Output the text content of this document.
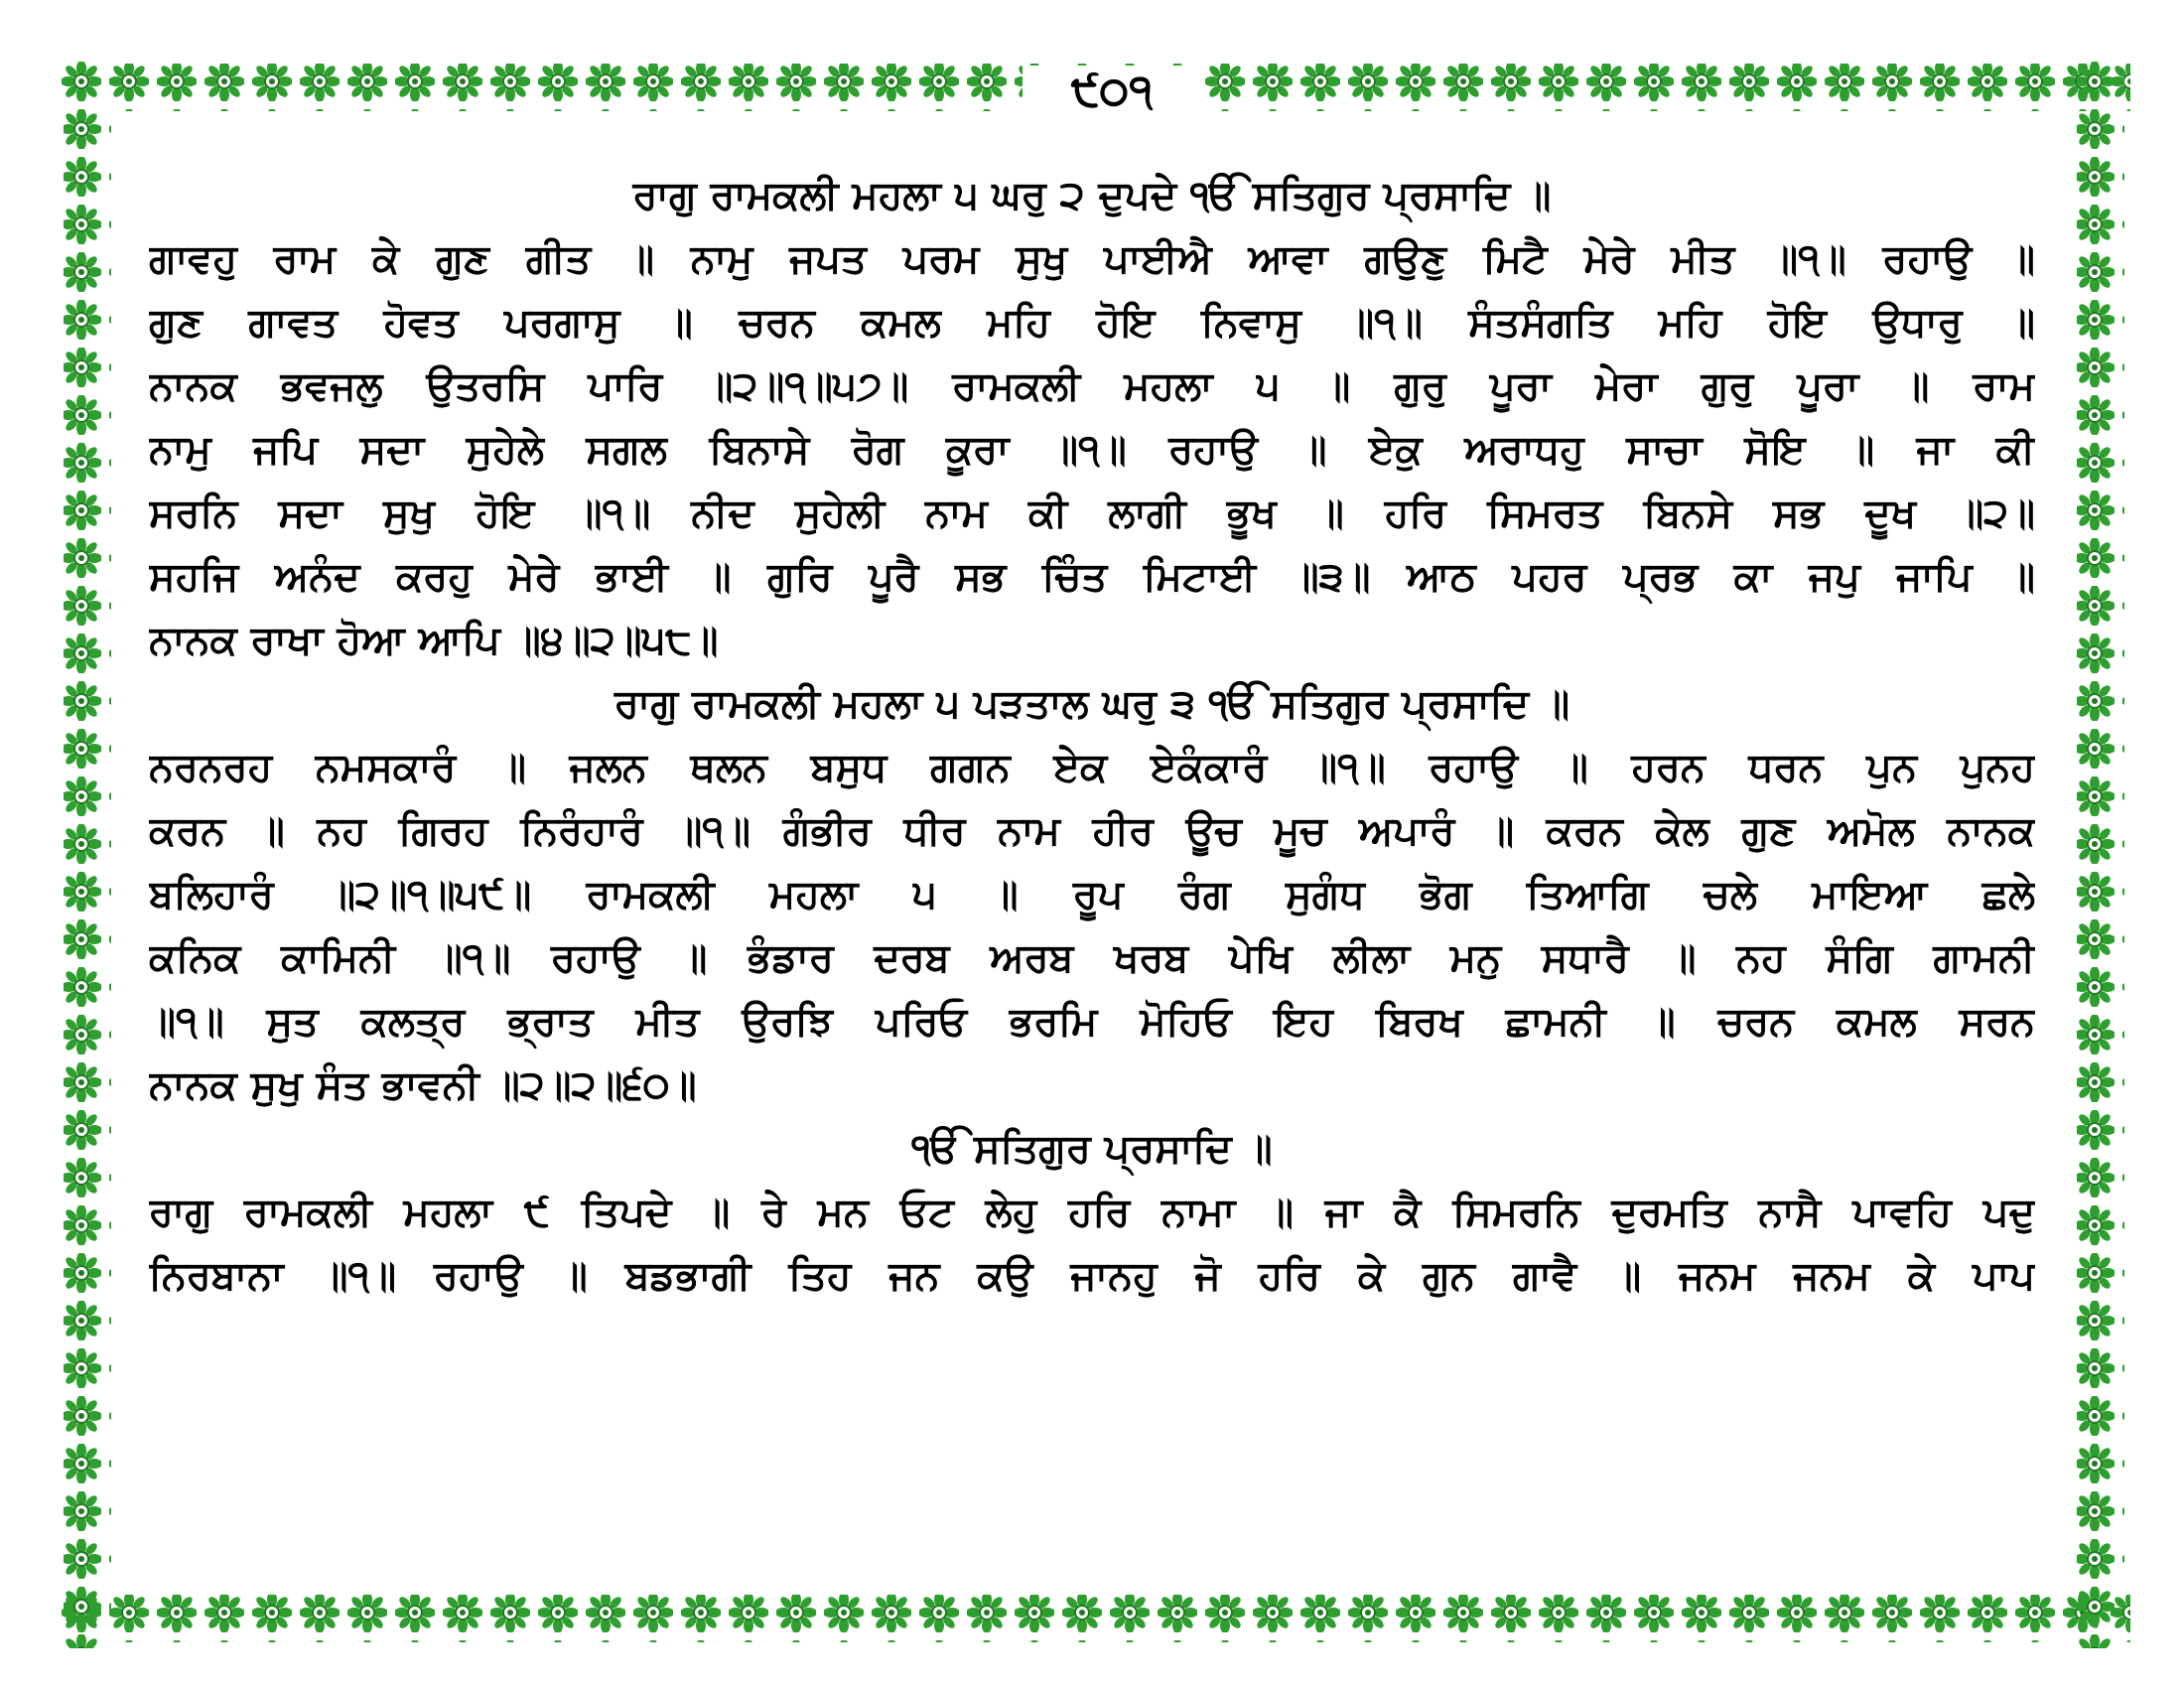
੯੦੧
ਰਾਗੁ ਰਾਮਕਲੀ ਮਹਲਾ ੫ ਘਰੁ ੨ ਦੁਪਦੇ ੴ ਸਤਿਗੁਰ ਪ੍ਰਸਾਦਿ ॥
ਗਾਵਹੁ ਰਾਮ ਕੇ ਗੁਣ ਗੀਤ ॥ ਨਾਮੁ ਜਪਤ ਪਰਮ ਸੁਖੁ ਪਾਈਐ ਆਵਾ ਗਉਣੁ ਮਿਟੈ ਮੇਰੇ ਮੀਤ ॥੧॥ ਰਹਾਉ ॥
ਗੁਣ ਗਾਵਤ ਹੋਵਤ ਪਰਗਾਸੁ ॥ ਚਰਨ ਕਮਲ ਮਹਿ ਹੋਇ ਨਿਵਾਸੁ ॥੧॥ ਸੰਤਸੰਗਤਿ ਮਹਿ ਹੋਇ ਉਧਾਰੁ ॥
ਨਾਨਕ ਭਵਜਲੁ ਉਤਰਸਿ ਪਾਰਿ ॥੨॥੧॥੫੭॥ ਰਾਮਕਲੀ ਮਹਲਾ ੫ ॥ ਗੁਰੁ ਪੂਰਾ ਮੇਰਾ ਗੁਰੁ ਪੂਰਾ ॥ ਰਾਮ
ਨਾਮੁ ਜਪਿ ਸਦਾ ਸੁਹੇਲੇ ਸਗਲ ਬਿਨਾਸੇ ਰੋਗ ਕੂਰਾ ॥੧॥ ਰਹਾਉ ॥ ਏਕੁ ਅਰਾਧਹੁ ਸਾਚਾ ਸੋਇ ॥ ਜਾ ਕੀ
ਸਰਨਿ ਸਦਾ ਸੁਖੁ ਹੋਇ ॥੧॥ ਨੀਦ ਸੁਹੇਲੀ ਨਾਮ ਕੀ ਲਾਗੀ ਭੂਖ ॥ ਹਰਿ ਸਿਮਰਤ ਬਿਨਸੇ ਸਭ ਦੂਖ ॥੨॥
ਸਹਜਿ ਅਨੰਦ ਕਰਹੁ ਮੇਰੇ ਭਾਈ ॥ ਗੁਰਿ ਪੂਰੈ ਸਭ ਚਿੰਤ ਮਿਟਾਈ ॥੩॥ ਆਠ ਪਹਰ ਪ੍ਰਭ ਕਾ ਜਪੁ ਜਾਪਿ ॥
ਨਾਨਕ ਰਾਖਾ ਹੋਆ ਆਪਿ ॥੪॥੨॥੫੮॥
ਰਾਗੁ ਰਾਮਕਲੀ ਮਹਲਾ ੫ ਪੜਤਾਲ ਘਰੁ ੩ ੴ ਸਤਿਗੁਰ ਪ੍ਰਸਾਦਿ ॥
ਨਰਨਰਹ ਨਮਸਕਾਰੰ ॥ ਜਲਨ ਥਲਨ ਬਸੁਧ ਗਗਨ ਏਕ ਏਕੰਕਾਰੰ ॥੧॥ ਰਹਾਉ ॥ ਹਰਨ ਧਰਨ ਪੁਨ ਪੁਨਹ
ਕਰਨ ॥ ਨਹ ਗਿਰਹ ਨਿਰੰਹਾਰੰ ॥੧॥ ਗੰਭੀਰ ਧੀਰ ਨਾਮ ਹੀਰ ਊਚ ਮੂਚ ਅਪਾਰੰ ॥ ਕਰਨ ਕੇਲ ਗੁਣ ਅਮੋਲ ਨਾਨਕ
ਬਲਿਹਾਰੰ ॥੨॥੧॥੫੯॥ ਰਾਮਕਲੀ ਮਹਲਾ ੫ ॥ ਰੂਪ ਰੰਗ ਸੁਗੰਧ ਭੋਗ ਤਿਆਗਿ ਚਲੇ ਮਾਇਆ ਛਲੇ
ਕਨਿਕ ਕਾਮਿਨੀ ॥੧॥ ਰਹਾਉ ॥ ਭੰਡਾਰ ਦਰਬ ਅਰਬ ਖਰਬ ਪੇਖਿ ਲੀਲਾ ਮਨੁ ਸਧਾਰੈ ॥ ਨਹ ਸੰਗਿ ਗਾਮਨੀ
॥੧॥ ਸੁਤ ਕਲਤ੍ਰ ਭ੍ਰਾਤ ਮੀਤ ਉਰਝਿ ਪਰਿਓ ਭਰਮਿ ਮੋਹਿਓ ਇਹ ਬਿਰਖ ਛਾਮਨੀ ॥ ਚਰਨ ਕਮਲ ਸਰਨ
ਨਾਨਕ ਸੁਖੁ ਸੰਤ ਭਾਵਨੀ ॥੨॥੨॥੬੦॥
ੴ ਸਤਿਗੁਰ ਪ੍ਰਸਾਦਿ ॥
ਰਾਗੁ ਰਾਮਕਲੀ ਮਹਲਾ ੯ ਤਿਪਦੇ ॥ ਰੇ ਮਨ ਓਟ ਲੇਹੁ ਹਰਿ ਨਾਮਾ ॥ ਜਾ ਕੈ ਸਿਮਰਨਿ ਦੁਰਮਤਿ ਨਾਸੈ ਪਾਵਹਿ ਪਦੁ
ਨਿਰਬਾਨਾ ॥੧॥ ਰਹਾਉ ॥ ਬਡਭਾਗੀ ਤਿਹ ਜਨ ਕਉ ਜਾਨਹੁ ਜੋ ਹਰਿ ਕੇ ਗੁਨ ਗਾਵੈ ॥ ਜਨਮ ਜਨਮ ਕੇ ਪਾਪ
